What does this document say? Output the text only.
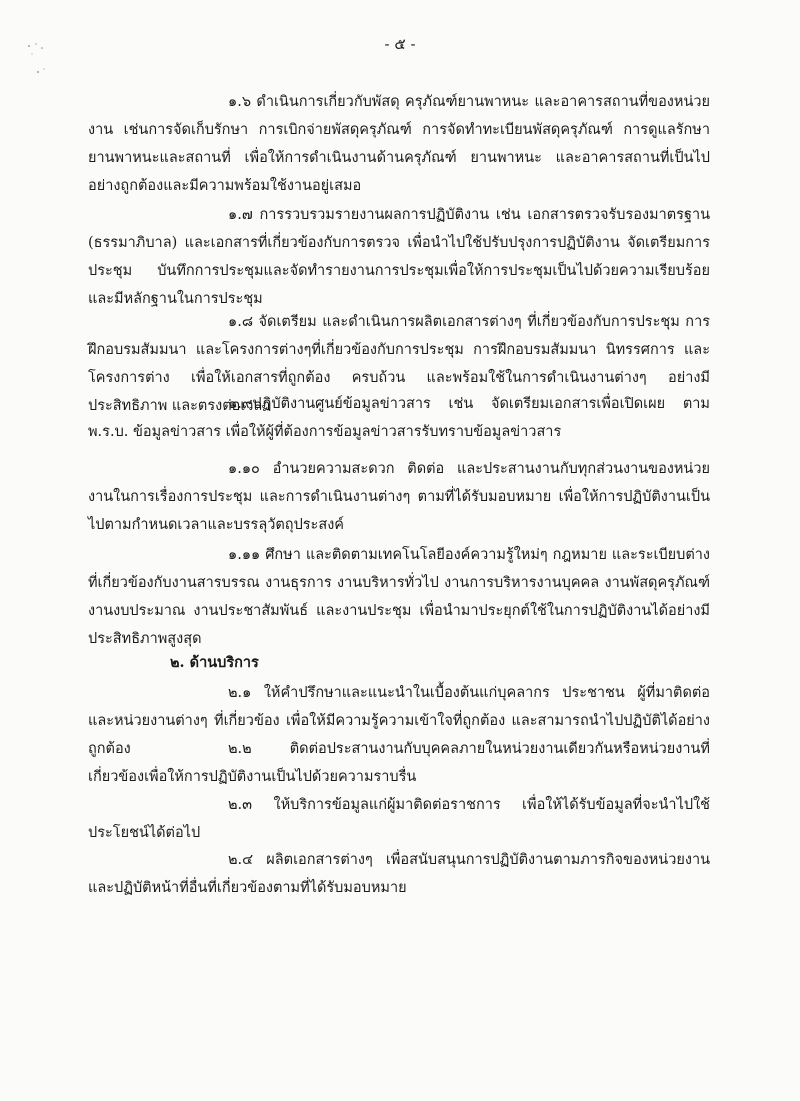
- ๕ -

๑.๖ ดำเนินการเกี่ยวกับพัสดุ ครุภัณฑ์ยานพาหนะ และอาคารสถานที่ของหน่วยงาน เช่นการจัดเก็บรักษา การเบิกจ่ายพัสดุครุภัณฑ์ การจัดทำทะเบียนพัสดุครุภัณฑ์ การดูแลรักษายานพาหนะและสถานที่ เพื่อให้การดำเนินงานด้านครุภัณฑ์ ยานพาหนะ และอาคารสถานที่เป็นไปอย่างถูกต้องและมีความพร้อมใช้งานอยู่เสมอ

๑.๗ การรวบรวมรายงานผลการปฏิบัติงาน เช่น เอกสารตรวจรับรองมาตรฐาน (ธรรมาภิบาล) และเอกสารที่เกี่ยวข้องกับการตรวจ เพื่อนำไปใช้ปรับปรุงการปฏิบัติงาน จัดเตรียมการประชุม บันทึกการประชุมและจัดทำรายงานการประชุมเพื่อให้การประชุมเป็นไปด้วยความเรียบร้อย และมีหลักฐานในการประชุม

๑.๘ จัดเตรียม และดำเนินการผลิตเอกสารต่างๆ ที่เกี่ยวข้องกับการประชุม การฝึกอบรมสัมมนา และโครงการต่างๆที่เกี่ยวข้องกับการประชุม การฝึกอบรมสัมมนา นิทรรศการ และโครงการต่าง เพื่อให้เอกสารที่ถูกต้อง ครบถ้วน และพร้อมใช้ในการดำเนินงานต่างๆ อย่างมีประสิทธิภาพ และตรงต่อเวลา

๑.๙ปฏิบัติงานศูนย์ข้อมูลข่าวสาร เช่น จัดเตรียมเอกสารเพื่อเปิดเผย ตาม พ.ร.บ. ข้อมูลข่าวสาร เพื่อให้ผู้ที่ต้องการข้อมูลข่าวสารรับทราบข้อมูลข่าวสาร

๑.๑๐ อำนวยความสะดวก ติดต่อ และประสานงานกับทุกส่วนงานของหน่วยงานในการเรื่องการประชุม และการดำเนินงานต่างๆ ตามที่ได้รับมอบหมาย เพื่อให้การปฏิบัติงานเป็นไปตามกำหนดเวลาและบรรลุวัตถุประสงค์

๑.๑๑ ศึกษา และติดตามเทคโนโลยีองค์ความรู้ใหม่ๆ กฎหมาย และระเบียบต่างที่เกี่ยวข้องกับงานสารบรรณ งานธุรการ งานบริหารทั่วไป งานการบริหารงานบุคคล งานพัสดุครุภัณฑ์ งานงบประมาณ งานประชาสัมพันธ์ และงานประชุม เพื่อนำมาประยุกต์ใช้ในการปฏิบัติงานได้อย่างมีประสิทธิภาพสูงสุด

๒. ด้านบริการ

๒.๑ ให้คำปรึกษาและแนะนำในเบื้องต้นแก่บุคลากร ประชาชน ผู้ที่มาติดต่อ และหน่วยงานต่างๆ ที่เกี่ยวข้อง เพื่อให้มีความรู้ความเข้าใจที่ถูกต้อง และสามารถนำไปปฏิบัติได้อย่างถูกต้อง	๒.๒ ติดต่อประสานงานกับบุคคลภายในหน่วยงานเดียวกันหรือหน่วยงานที่เกี่ยวข้องเพื่อให้การปฏิบัติงานเป็นไปด้วยความราบรื่น

๒.๓ ให้บริการข้อมูลแก่ผู้มาติดต่อราชการ เพื่อให้ได้รับข้อมูลที่จะนำไปใช้ประโยชน์ได้ต่อไป

๒.๔ ผลิตเอกสารต่างๆ เพื่อสนับสนุนการปฏิบัติงานตามภารกิจของหน่วยงาน และปฏิบัติหน้าที่อื่นที่เกี่ยวข้องตามที่ได้รับมอบหมาย
